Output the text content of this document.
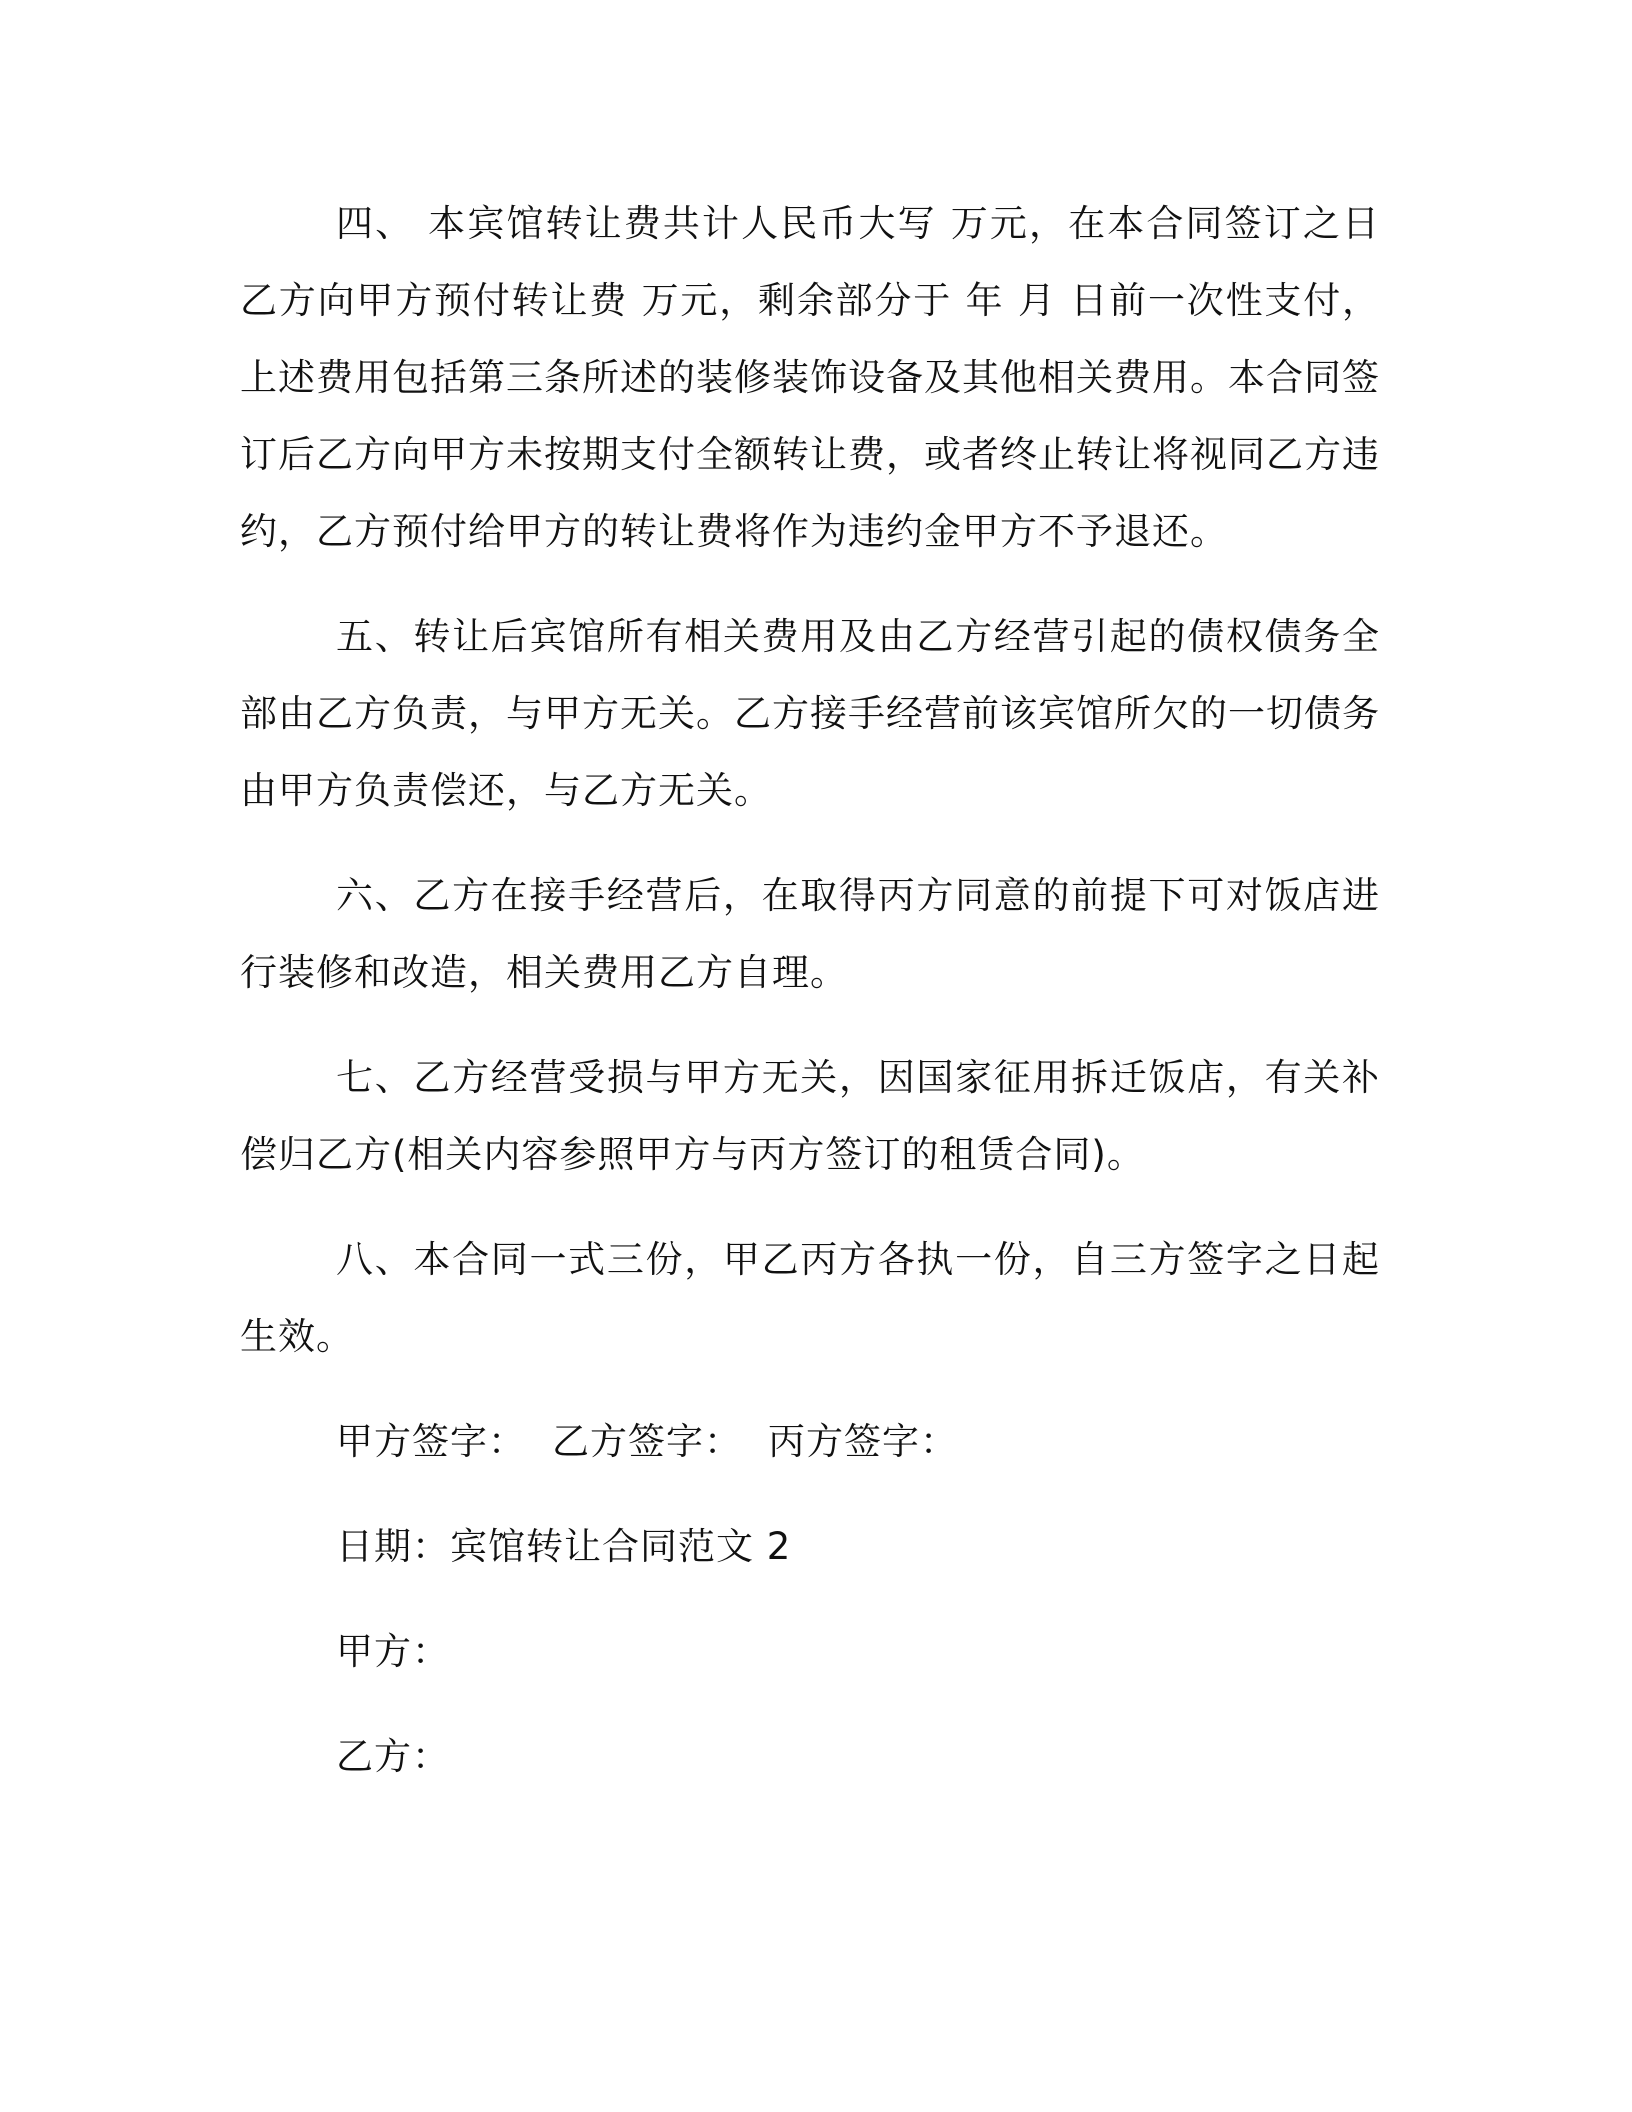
四、 本宾馆转让费共计人民币大写 万元，在本合同签订之日乙方向甲方预付转让费 万元，剩余部分于 年 月 日前一次性支付，上述费用包括第三条所述的装修装饰设备及其他相关费用。本合同签订后乙方向甲方未按期支付全额转让费，或者终止转让将视同乙方违约，乙方预付给甲方的转让费将作为违约金甲方不予退还。

五、转让后宾馆所有相关费用及由乙方经营引起的债权债务全部由乙方负责，与甲方无关。乙方接手经营前该宾馆所欠的一切债务由甲方负责偿还，与乙方无关。

六、乙方在接手经营后，在取得丙方同意的前提下可对饭店进行装修和改造，相关费用乙方自理。

七、乙方经营受损与甲方无关，因国家征用拆迁饭店，有关补偿归乙方(相关内容参照甲方与丙方签订的租赁合同)。

八、本合同一式三份，甲乙丙方各执一份，自三方签字之日起生效。

甲方签字： 乙方签字： 丙方签字：
日期：宾馆转让合同范文 2
甲方：
乙方：
